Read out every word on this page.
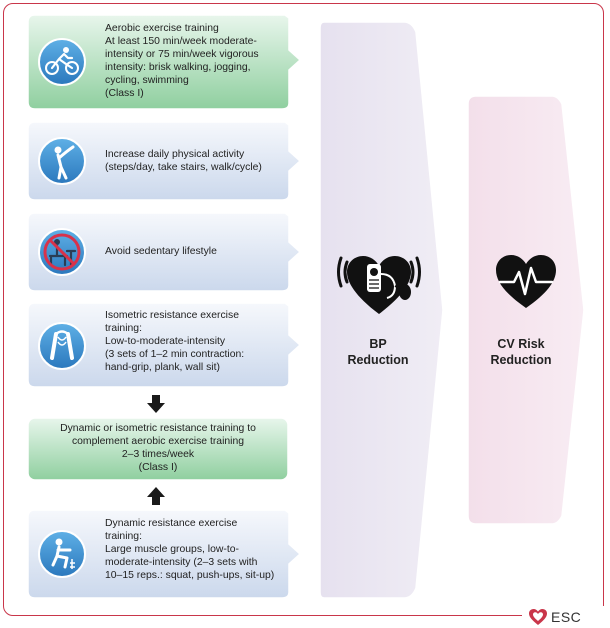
Aerobic exercise training
At least 150 min/week moderate-
intensity or 75 min/week vigorous
intensity: brisk walking, jogging,
cycling, swimming
(Class I)
Increase daily physical activity
(steps/day, take stairs, walk/cycle)
Avoid sedentary lifestyle
Isometric resistance exercise
training:
Low-to-moderate-intensity
(3 sets of 1–2 min contraction:
hand-grip, plank, wall sit)
Dynamic or isometric resistance training to
complement aerobic exercise training
2–3 times/week
(Class I)
Dynamic resistance exercise
training:
Large muscle groups, low-to-
moderate-intensity (2–3 sets with
10–15 reps.: squat, push-ups, sit-up)
BP
Reduction
CV Risk
Reduction
ESC
